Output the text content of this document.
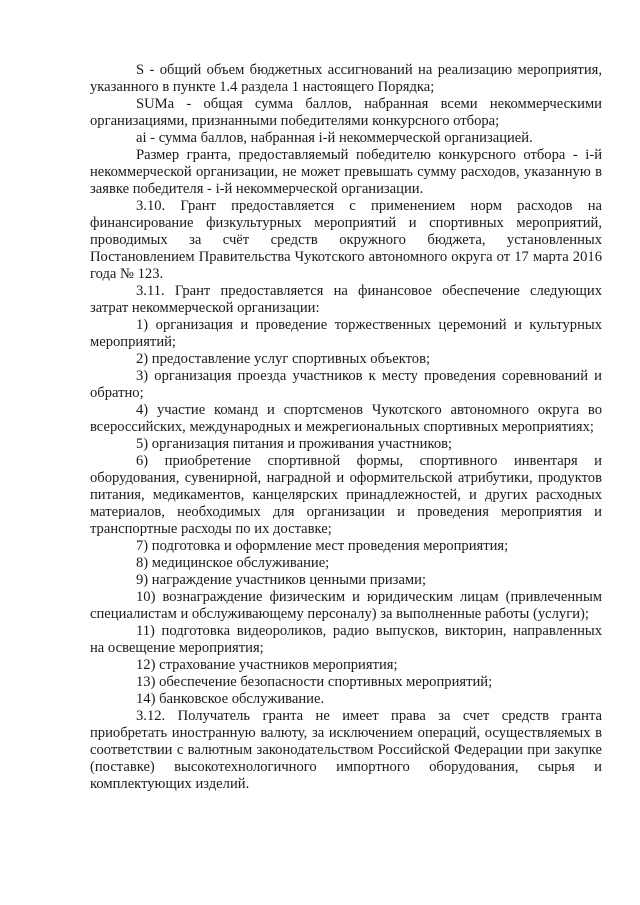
S - общий объем бюджетных ассигнований на реализацию мероприятия, указанного в пункте 1.4 раздела 1 настоящего Порядка;

SUMa - общая сумма баллов, набранная всеми некоммерческими организациями, признанными победителями конкурсного отбора;

ai - сумма баллов, набранная i-й некоммерческой организацией.

Размер гранта, предоставляемый победителю конкурсного отбора - i-й некоммерческой организации, не может превышать сумму расходов, указанную в заявке победителя - i-й некоммерческой организации.

3.10. Грант предоставляется с применением норм расходов на финансирование физкультурных мероприятий и спортивных мероприятий, проводимых за счёт средств окружного бюджета, установленных Постановлением Правительства Чукотского автономного округа от 17 марта 2016 года № 123.

3.11. Грант предоставляется на финансовое обеспечение следующих затрат некоммерческой организации:

1) организация и проведение торжественных церемоний и культурных мероприятий;

2) предоставление услуг спортивных объектов;

3) организация проезда участников к месту проведения соревнований и обратно;

4) участие команд и спортсменов Чукотского автономного округа во всероссийских, международных и межрегиональных спортивных мероприятиях;

5) организация питания и проживания участников;

6) приобретение спортивной формы, спортивного инвентаря и оборудования, сувенирной, наградной и оформительской атрибутики, продуктов питания, медикаментов, канцелярских принадлежностей, и других расходных материалов, необходимых для организации и проведения мероприятия и транспортные расходы по их доставке;

7) подготовка и оформление мест проведения мероприятия;

8) медицинское обслуживание;

9) награждение участников ценными призами;

10) вознаграждение физическим и юридическим лицам (привлеченным специалистам и обслуживающему персоналу) за выполненные работы (услуги);

11) подготовка видеороликов, радио выпусков, викторин, направленных на освещение мероприятия;

12) страхование участников мероприятия;

13) обеспечение безопасности спортивных мероприятий;

14) банковское обслуживание.

3.12. Получатель гранта не имеет права за счет средств гранта приобретать иностранную валюту, за исключением операций, осуществляемых в соответствии с валютным законодательством Российской Федерации при закупке (поставке) высокотехнологичного импортного оборудования, сырья и комплектующих изделий.
